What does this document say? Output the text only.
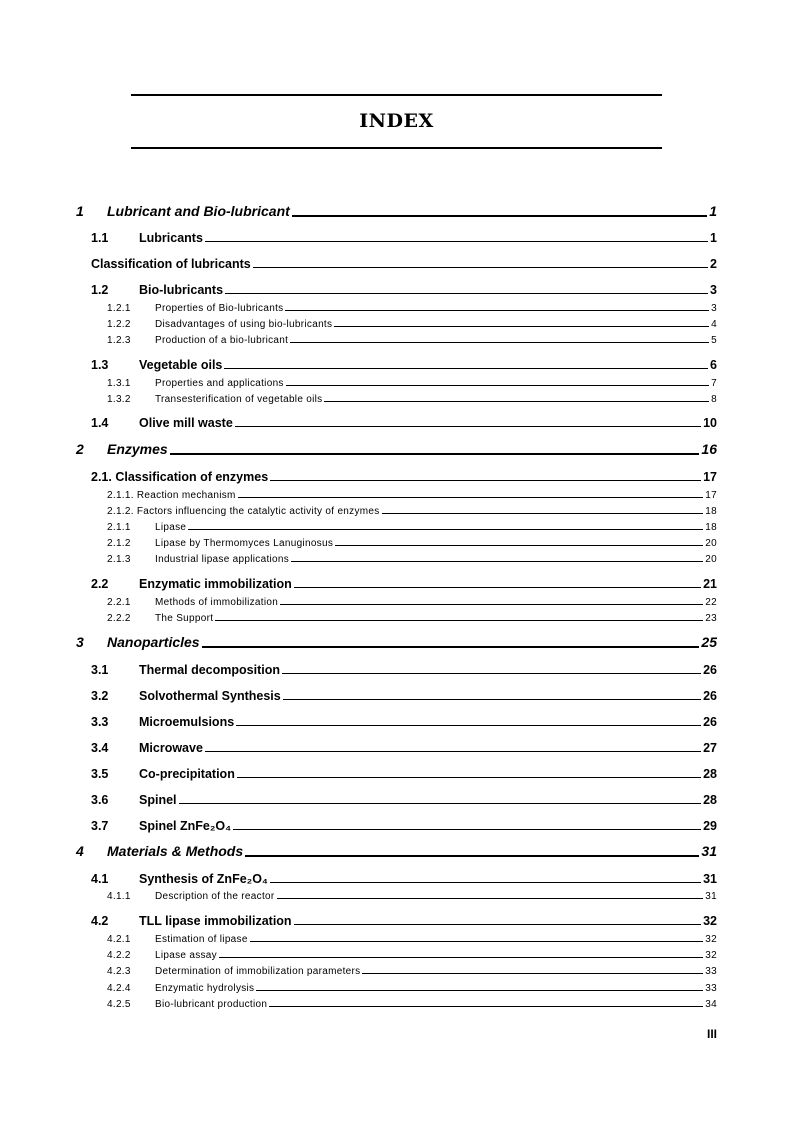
INDEX
1	Lubricant and Bio-lubricant	1
1.1	Lubricants	1
Classification of lubricants	2
1.2	Bio-lubricants	3
1.2.1	Properties of Bio-lubricants	3
1.2.2	Disadvantages of using bio-lubricants	4
1.2.3	Production of a bio-lubricant	5
1.3	Vegetable oils	6
1.3.1	Properties and applications	7
1.3.2	Transesterification of vegetable oils	8
1.4	Olive mill waste	10
2	Enzymes	16
2.1. Classification of enzymes	17
2.1.1. Reaction mechanism	17
2.1.2. Factors influencing the catalytic activity of enzymes	18
2.1.1	Lipase	18
2.1.2	Lipase by Thermomyces Lanuginosus	20
2.1.3	Industrial lipase applications	20
2.2	Enzymatic immobilization	21
2.2.1	Methods of immobilization	22
2.2.2	The Support	23
3	Nanoparticles	25
3.1	Thermal decomposition	26
3.2	Solvothermal Synthesis	26
3.3	Microemulsions	26
3.4	Microwave	27
3.5	Co-precipitation	28
3.6	Spinel	28
3.7	Spinel ZnFe₂O₄	29
4	Materials & Methods	31
4.1	Synthesis of ZnFe₂O₄	31
4.1.1	Description of the reactor	31
4.2	TLL lipase immobilization	32
4.2.1	Estimation of lipase	32
4.2.2	Lipase assay	32
4.2.3	Determination of immobilization parameters	33
4.2.4	Enzymatic hydrolysis	33
4.2.5	Bio-lubricant production	34
III
